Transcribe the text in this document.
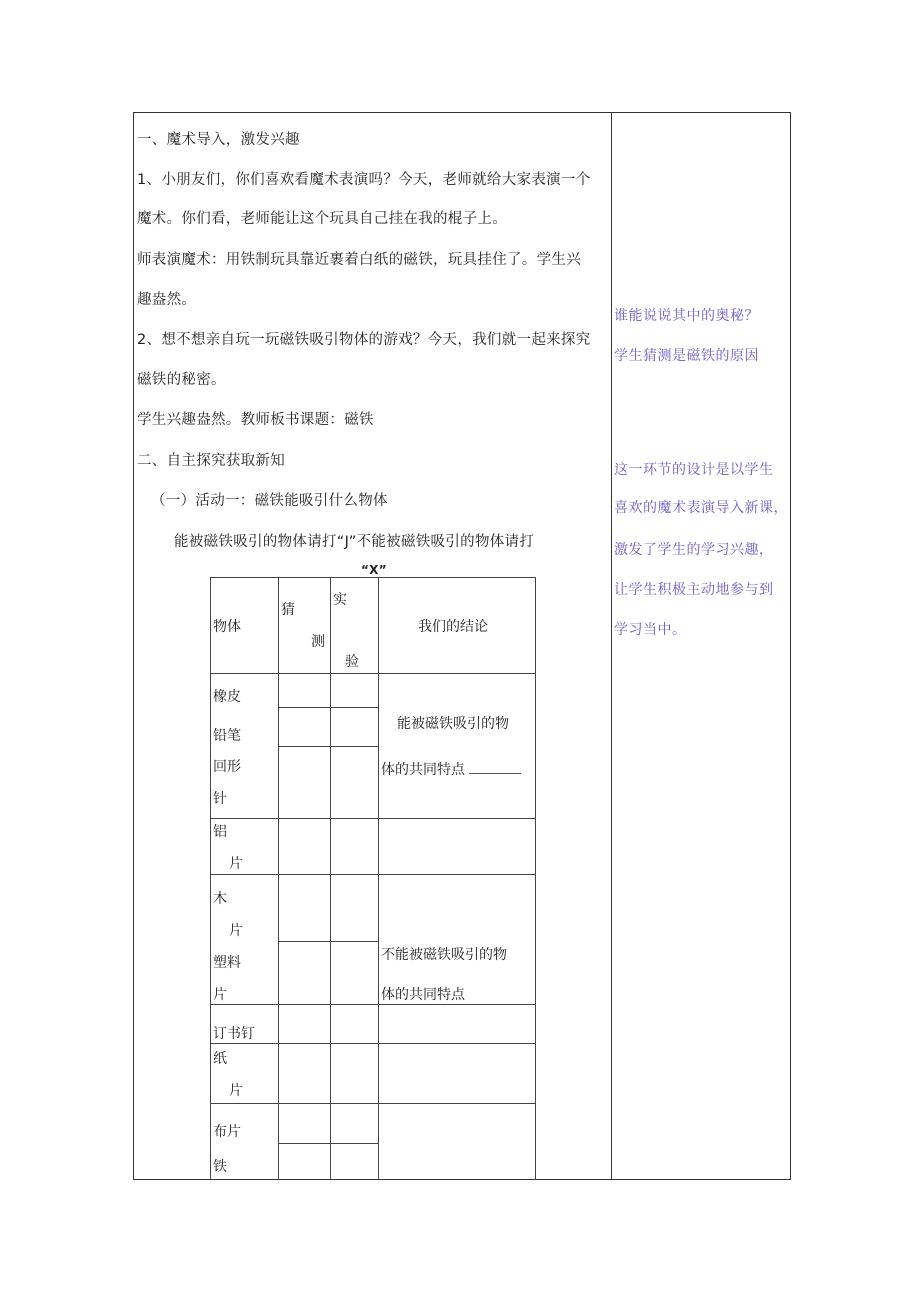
一、魔术导入，激发兴趣
1、小朋友们，你们喜欢看魔术表演吗？今天，老师就给大家表演一个
魔术。你们看，老师能让这个玩具自己挂在我的棍子上。
师表演魔术：用铁制玩具靠近裹着白纸的磁铁，玩具挂住了。学生兴
趣盎然。
2、想不想亲自玩一玩磁铁吸引物体的游戏？今天，我们就一起来探究
磁铁的秘密。
学生兴趣盎然。教师板书课题：磁铁
二、自主探究获取新知
（一）活动一：磁铁能吸引什么物体
能被磁铁吸引的物体请打“J”不能被磁铁吸引的物体请打
“X”
谁能说说其中的奥秘？
学生猜测是磁铁的原因
这一环节的设计是以学生
喜欢的魔术表演导入新课，
激发了学生的学习兴趣，
让学生积极主动地参与到
学习当中。
物体
猜
测
实
验
我们的结论
橡皮
铅笔
回形
针
铝
片
木
片
塑料
片
订书钉
纸
片
布片
铁
能被磁铁吸引的物
体的共同特点
不能被磁铁吸引的物
体的共同特点
